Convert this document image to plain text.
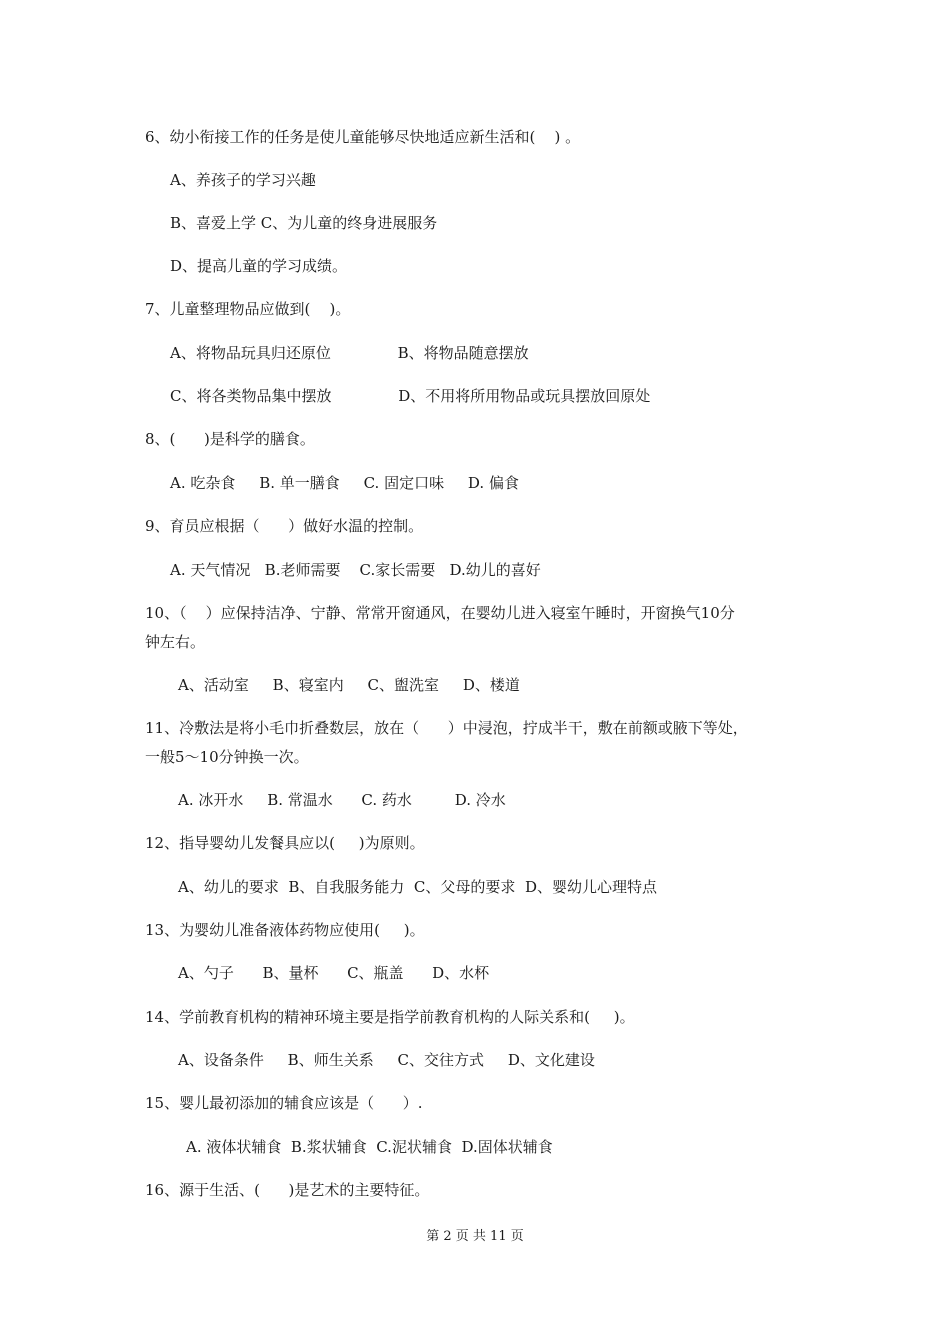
6、幼小衔接工作的任务是使儿童能够尽快地适应新生活和(    ) 。
A、养孩子的学习兴趣
B、喜爱上学 C、为儿童的终身进展服务
D、提高儿童的学习成绩。
7、儿童整理物品应做到(    )。
A、将物品玩具归还原位              B、将物品随意摆放
C、将各类物品集中摆放              D、不用将所用物品或玩具摆放回原处
8、(      )是科学的膳食。
A. 吃杂食     B. 单一膳食     C. 固定口味     D. 偏食
9、育员应根据（      ）做好水温的控制。
A. 天气情况   B.老师需要    C.家长需要   D.幼儿的喜好
10、（    ）应保持洁净、宁静、常常开窗通风，在婴幼儿进入寝室午睡时，开窗换气10分
钟左右。
A、活动室     B、寝室内     C、盥洗室     D、楼道
11、冷敷法是将小毛巾折叠数层，放在（      ）中浸泡，拧成半干，敷在前额或腋下等处，
一般5～10分钟换一次。
A. 冰开水     B. 常温水      C. 药水         D. 冷水
12、指导婴幼儿发餐具应以(     )为原则。
A、幼儿的要求  B、自我服务能力  C、父母的要求  D、婴幼儿心理特点
13、为婴幼儿准备液体药物应使用(     )。
A、勺子      B、量杯      C、瓶盖      D、水杯
14、学前教育机构的精神环境主要是指学前教育机构的人际关系和(     )。
A、设备条件     B、师生关系     C、交往方式     D、文化建设
15、婴儿最初添加的辅食应该是（      ）.
A. 液体状辅食  B.浆状辅食  C.泥状辅食  D.固体状辅食
16、源于生活、(      )是艺术的主要特征。
第 2 页 共 11 页
